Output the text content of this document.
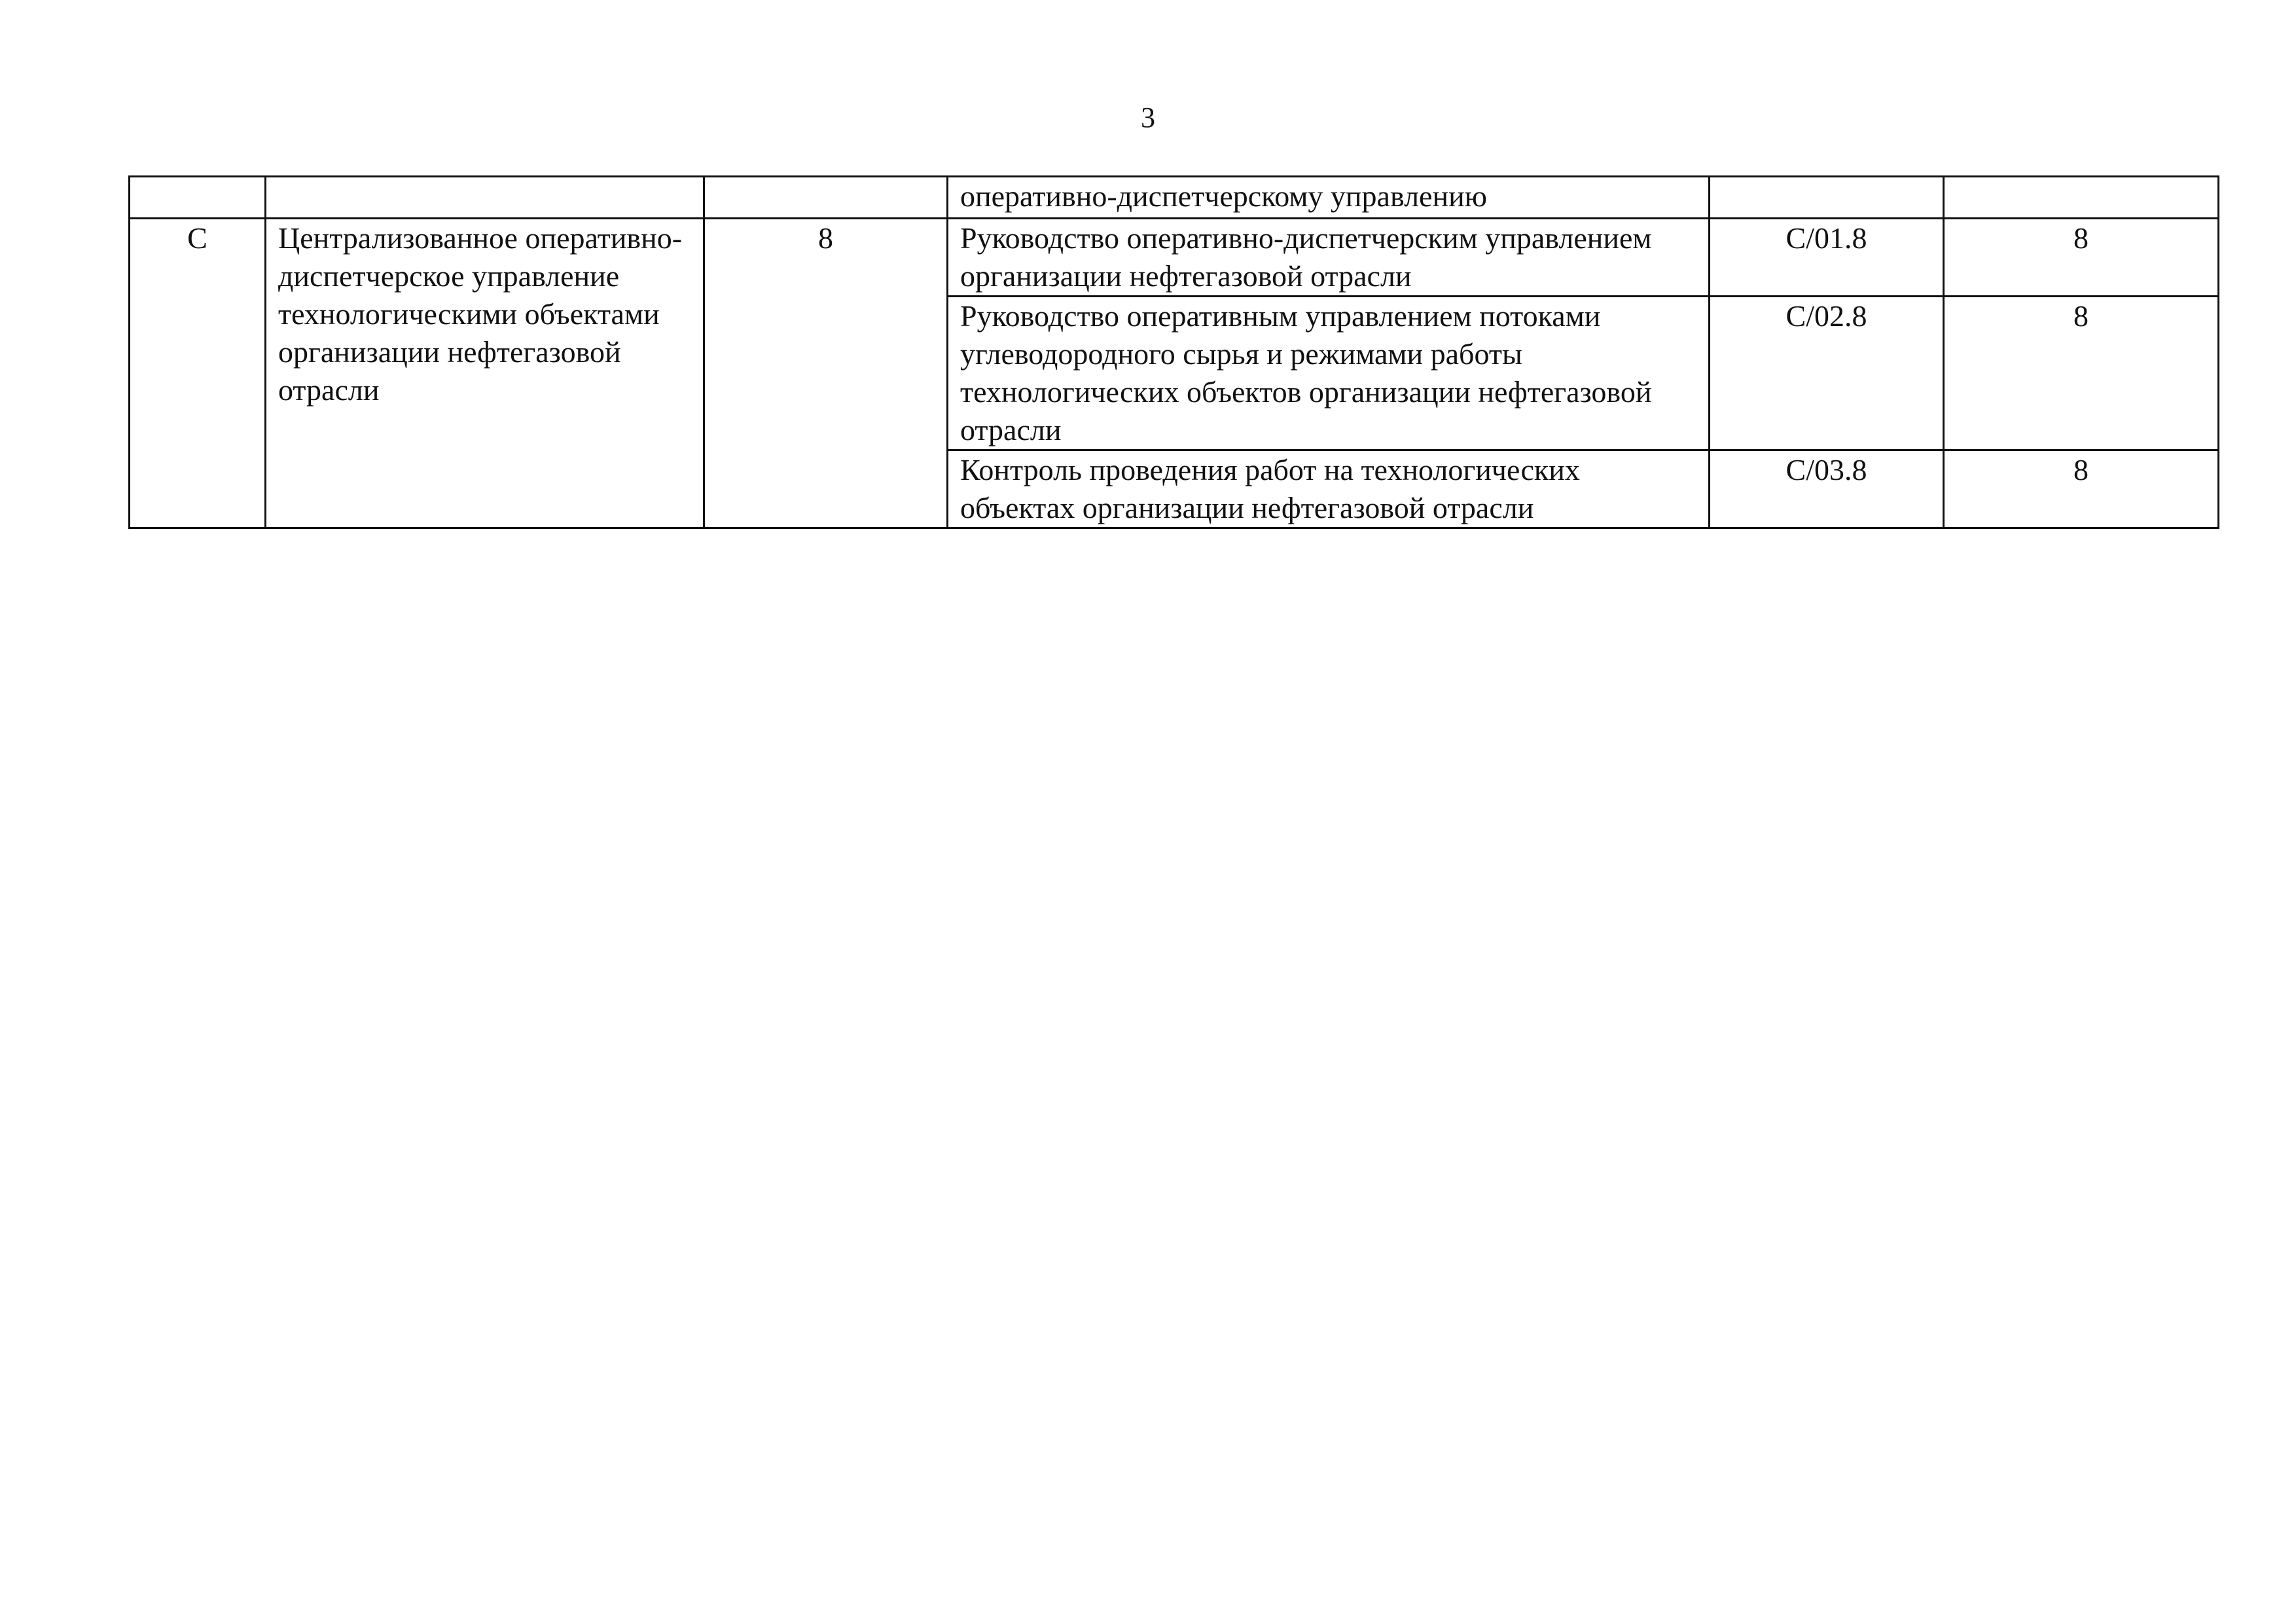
3
			оперативно-диспетчерскому управлению		
C	Централизованное оперативно-диспетчерское управление технологическими объектами организации нефтегазовой отрасли	8	Руководство оперативно-диспетчерским управлением организации нефтегазовой отрасли	C/01.8	8
			Руководство оперативным управлением потоками углеводородного сырья и режимами работы технологических объектов организации нефтегазовой отрасли	C/02.8	8
			Контроль проведения работ на технологических объектах организации нефтегазовой отрасли	C/03.8	8
